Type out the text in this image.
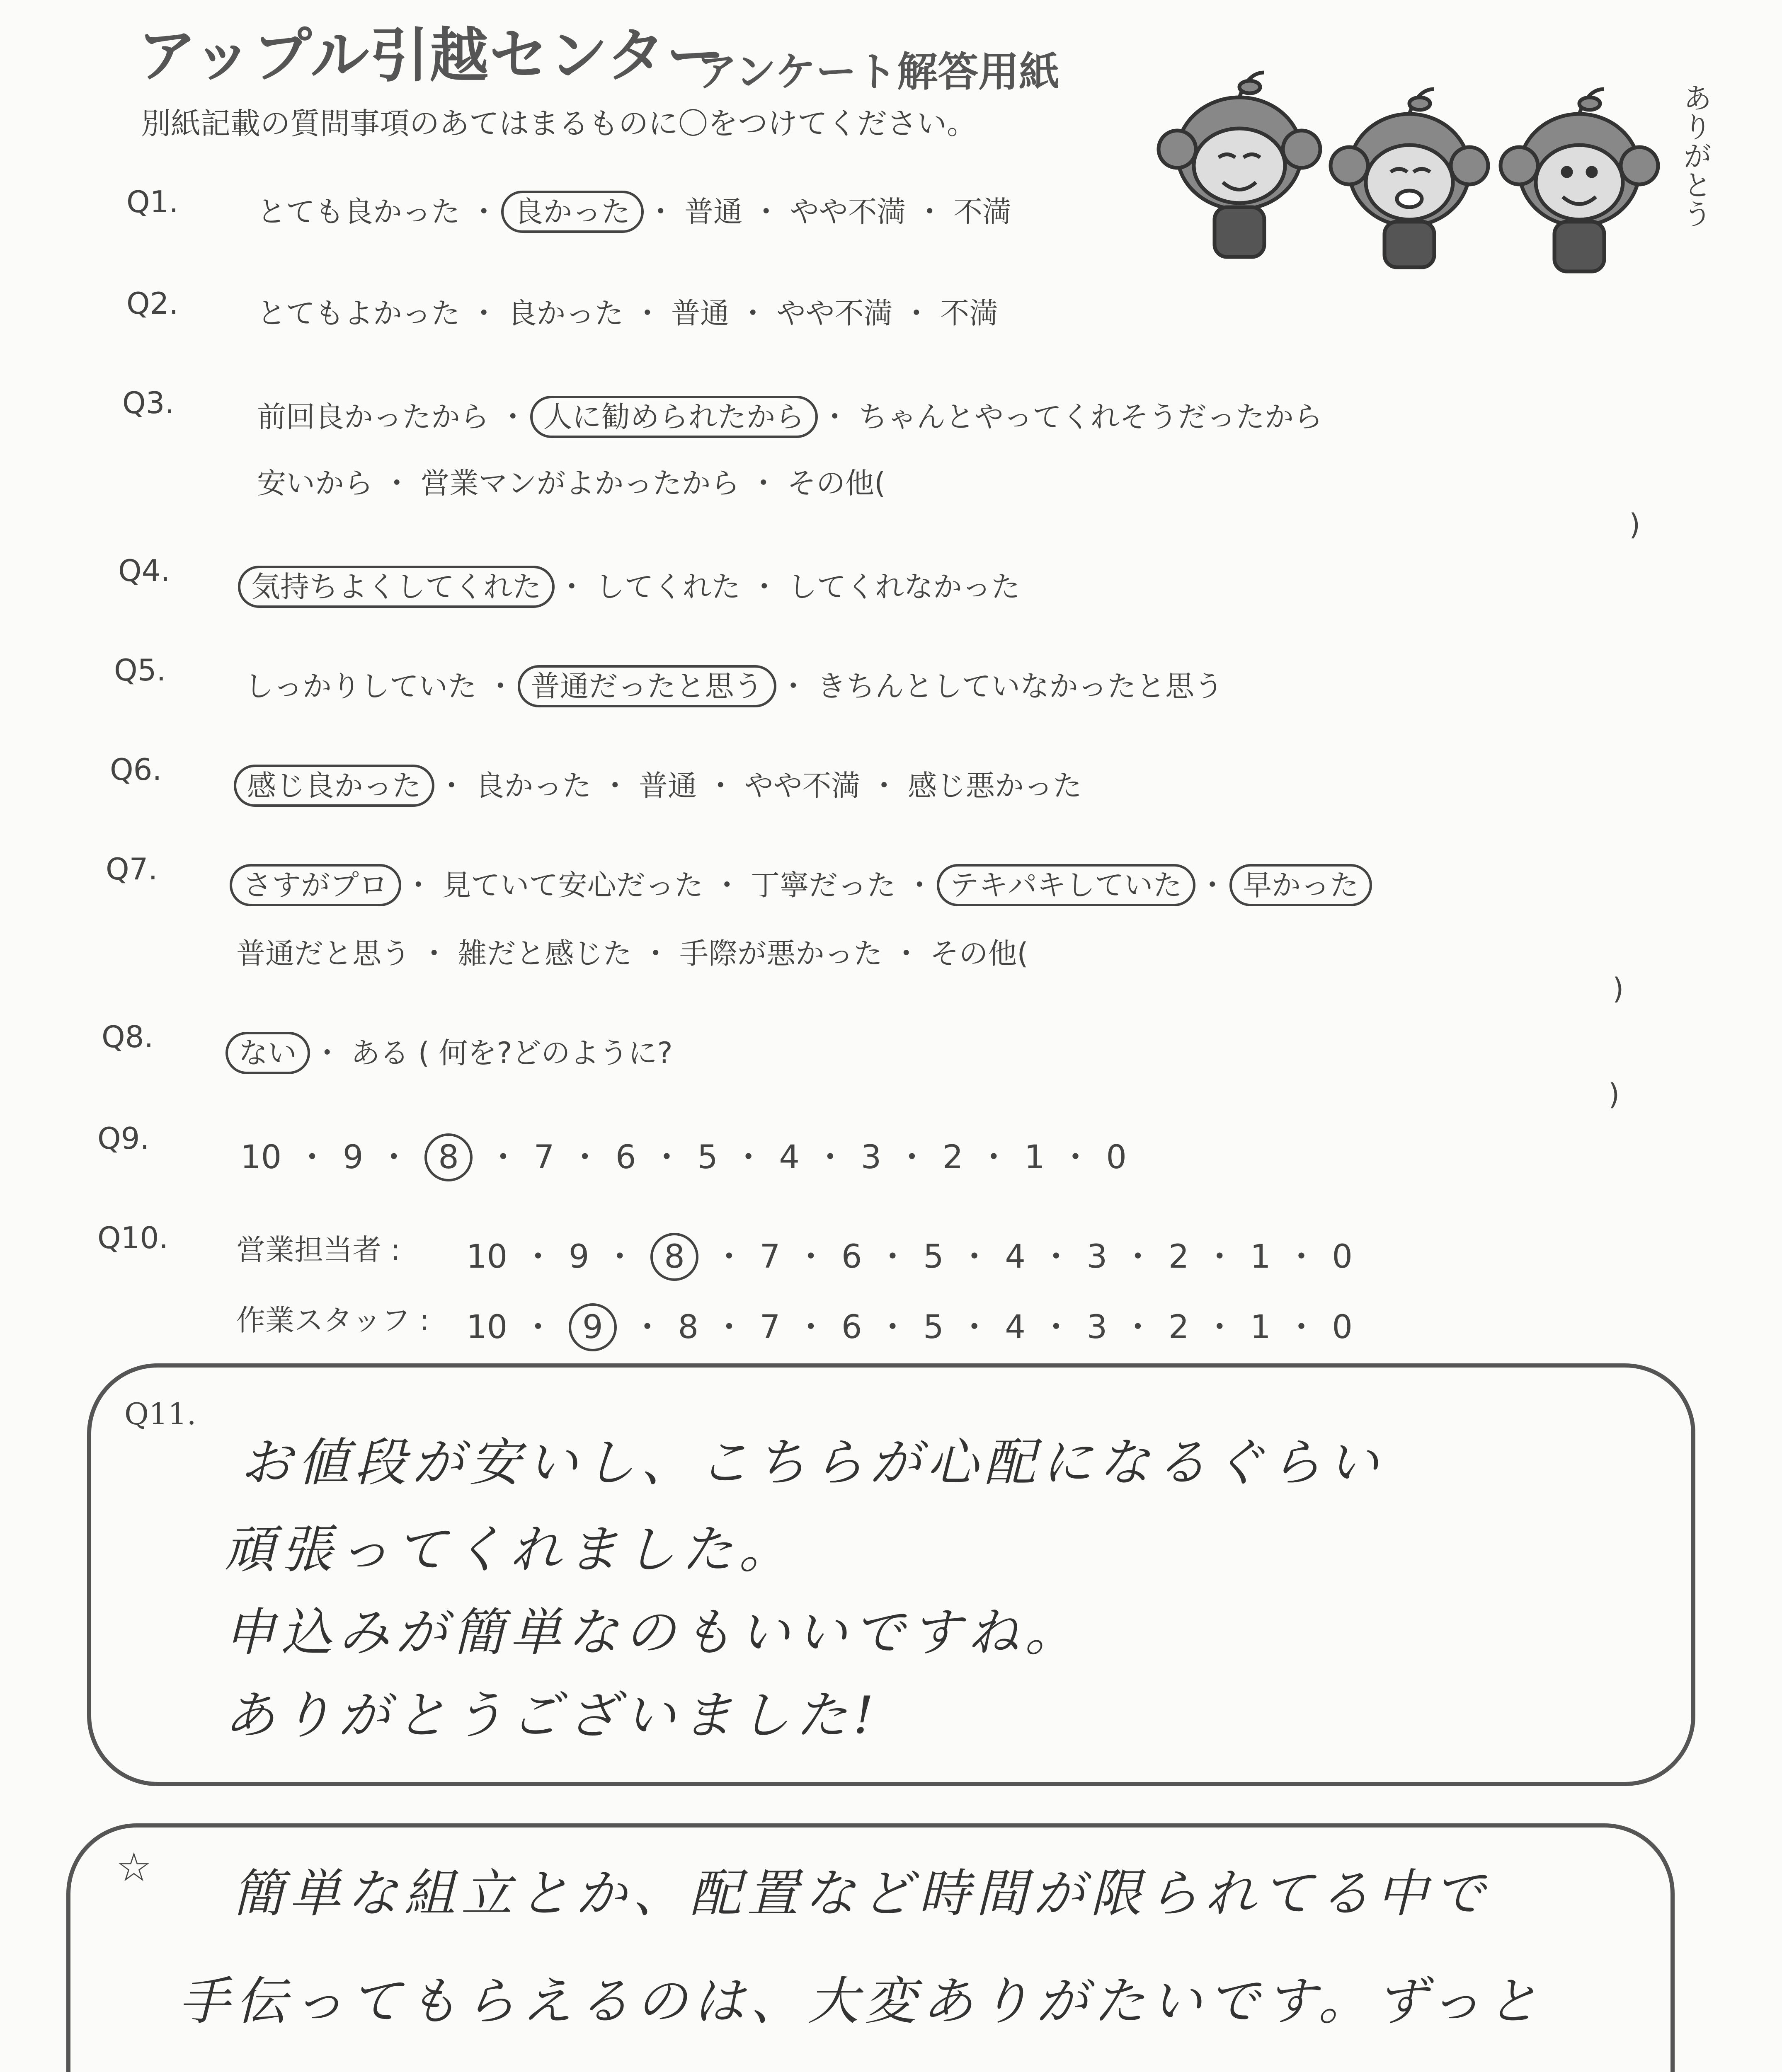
アップル引越センター
アンケート解答用紙
別紙記載の質問事項のあてはまるものに〇をつけてください。	ありがとう
Q1.	とても良かった ・ 良かった ・ 普通 ・ やや不満 ・ 不満
Q2.	とてもよかった ・ 良かった ・ 普通 ・ やや不満 ・ 不満
Q3.	前回良かったから ・ 人に勧められたから ・ ちゃんとやってくれそうだったから
安いから ・ 営業マンがよかったから ・ その他(
)
Q4.	気持ちよくしてくれた ・ してくれた ・ してくれなかった
Q5.	しっかりしていた ・ 普通だったと思う ・ きちんとしていなかったと思う
Q6.	感じ良かった ・ 良かった ・ 普通 ・ やや不満 ・ 感じ悪かった
Q7.	さすがプロ ・ 見ていて安心だった ・ 丁寧だった ・ テキパキしていた ・ 早かった
普通だと思う ・ 雑だと感じた ・ 手際が悪かった ・ その他(
)
Q8.	ない ・ ある ( 何を?どのように?
)
Q9.
10 ・ 9 ・ 8 ・ 7 ・ 6 ・ 5 ・ 4 ・ 3 ・ 2 ・ 1 ・ 0
Q10. 営業担当者 : 10 ・ 9 ・ 8 ・ 7 ・ 6 ・ 5 ・ 4 ・ 3 ・ 2 ・ 1 ・ 0
作業スタッフ : 10 ・ 9 ・ 8 ・ 7 ・ 6 ・ 5 ・ 4 ・ 3 ・ 2 ・ 1 ・ 0
Q11.
お値段が安いし、こちらが心配になるぐらい
頑張ってくれました。
申込みが簡単なのもいいですね。
ありがとうございました!
☆ 簡単な組立とか、配置など時間が限られてる中で
手伝ってもらえるのは、大変ありがたいです。ずっと
